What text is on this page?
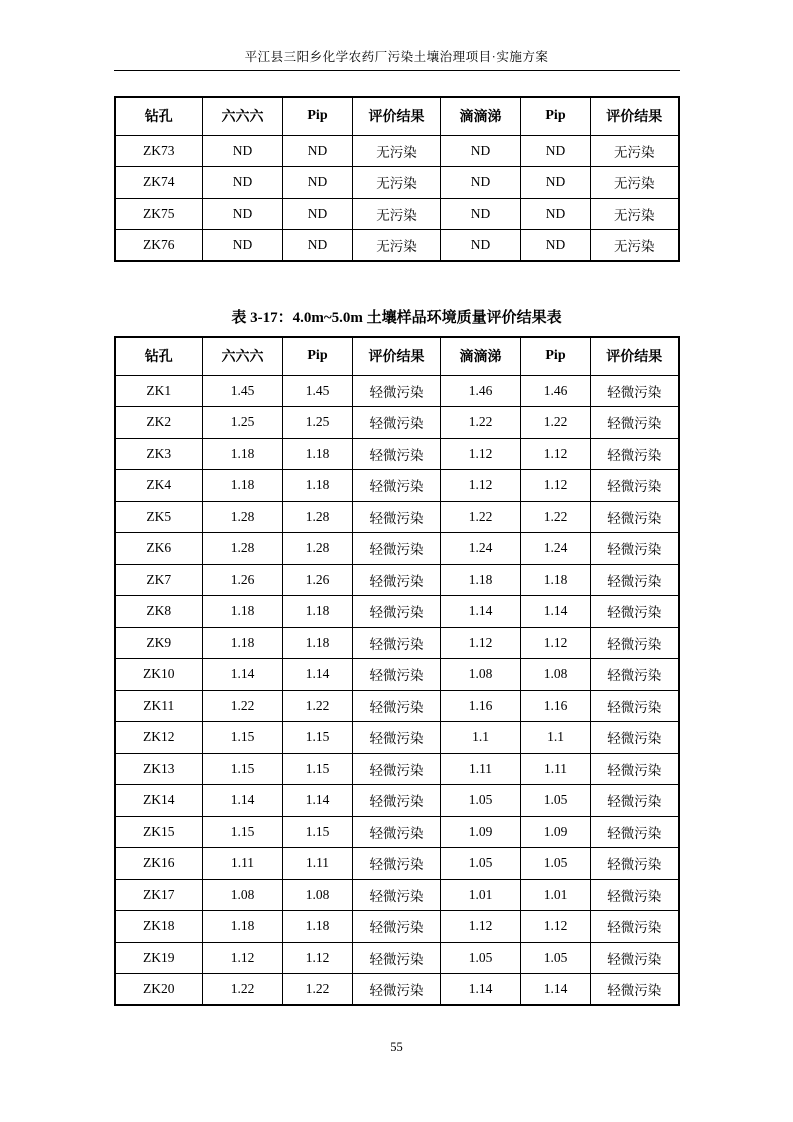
平江县三阳乡化学农药厂污染土壤治理项目·实施方案
钻孔	六六六	Pip	评价结果	滴滴涕	Pip	评价结果
ZK73	ND	ND	无污染	ND	ND	无污染
ZK74	ND	ND	无污染	ND	ND	无污染
ZK75	ND	ND	无污染	ND	ND	无污染
ZK76	ND	ND	无污染	ND	ND	无污染
表 3-17：4.0m~5.0m 土壤样品环境质量评价结果表
钻孔	六六六	Pip	评价结果	滴滴涕	Pip	评价结果
ZK1	1.45	1.45	轻微污染	1.46	1.46	轻微污染
ZK2	1.25	1.25	轻微污染	1.22	1.22	轻微污染
ZK3	1.18	1.18	轻微污染	1.12	1.12	轻微污染
ZK4	1.18	1.18	轻微污染	1.12	1.12	轻微污染
ZK5	1.28	1.28	轻微污染	1.22	1.22	轻微污染
ZK6	1.28	1.28	轻微污染	1.24	1.24	轻微污染
ZK7	1.26	1.26	轻微污染	1.18	1.18	轻微污染
ZK8	1.18	1.18	轻微污染	1.14	1.14	轻微污染
ZK9	1.18	1.18	轻微污染	1.12	1.12	轻微污染
ZK10	1.14	1.14	轻微污染	1.08	1.08	轻微污染
ZK11	1.22	1.22	轻微污染	1.16	1.16	轻微污染
ZK12	1.15	1.15	轻微污染	1.1	1.1	轻微污染
ZK13	1.15	1.15	轻微污染	1.11	1.11	轻微污染
ZK14	1.14	1.14	轻微污染	1.05	1.05	轻微污染
ZK15	1.15	1.15	轻微污染	1.09	1.09	轻微污染
ZK16	1.11	1.11	轻微污染	1.05	1.05	轻微污染
ZK17	1.08	1.08	轻微污染	1.01	1.01	轻微污染
ZK18	1.18	1.18	轻微污染	1.12	1.12	轻微污染
ZK19	1.12	1.12	轻微污染	1.05	1.05	轻微污染
ZK20	1.22	1.22	轻微污染	1.14	1.14	轻微污染
55
